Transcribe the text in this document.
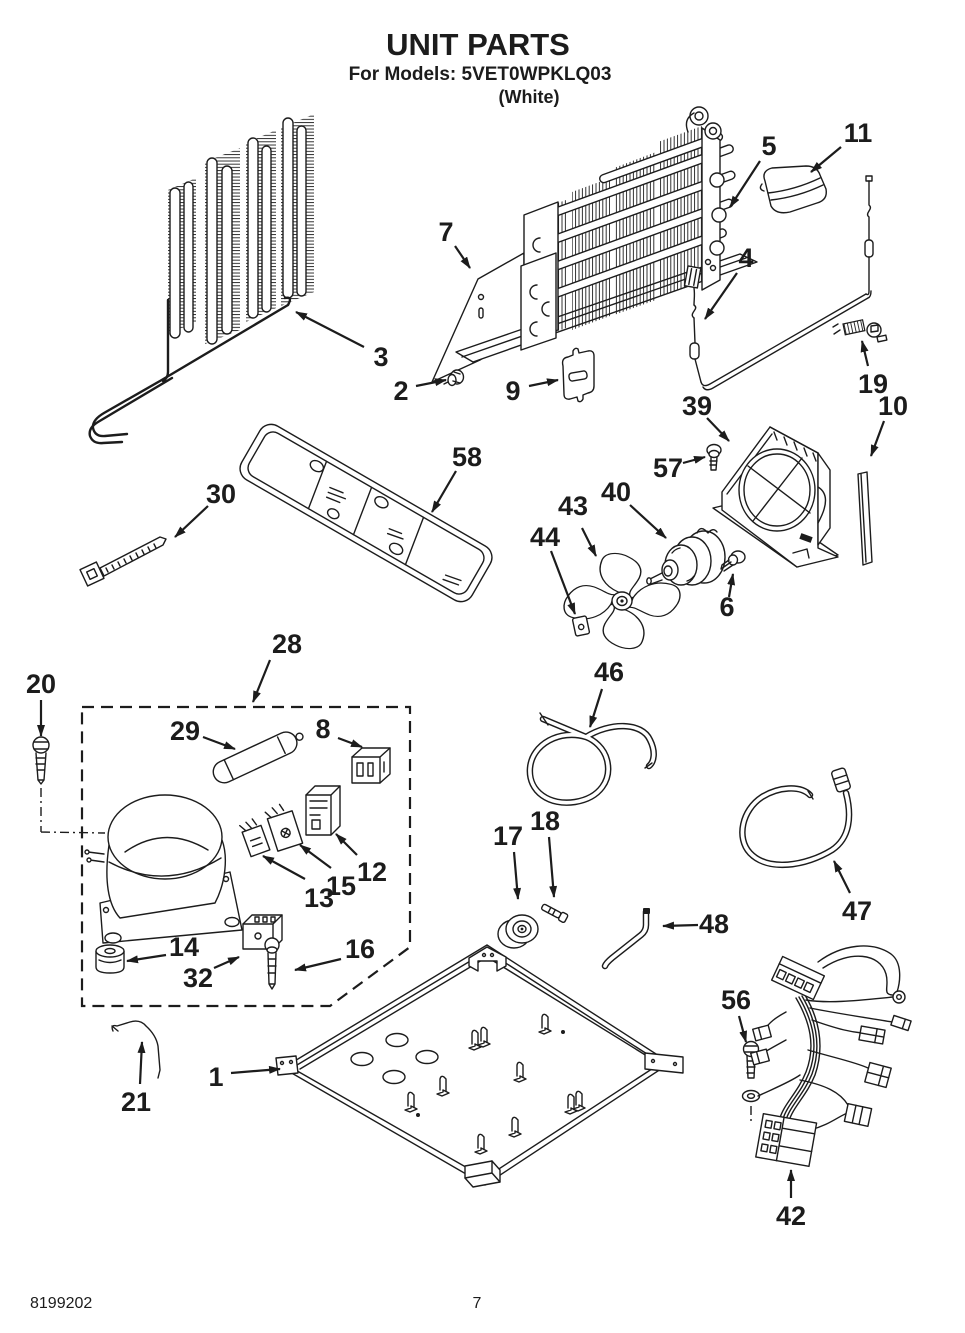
UNIT PARTS
For Models: 5VET0WPKLQ03
(White)
8199202	7
3
2
7
9
5 11
4
19
10
39
57
40
43
44
6
58
30
46
28
20
29	8
12
15
13
14
32
16
17 18
48	47
56
42
1
21
